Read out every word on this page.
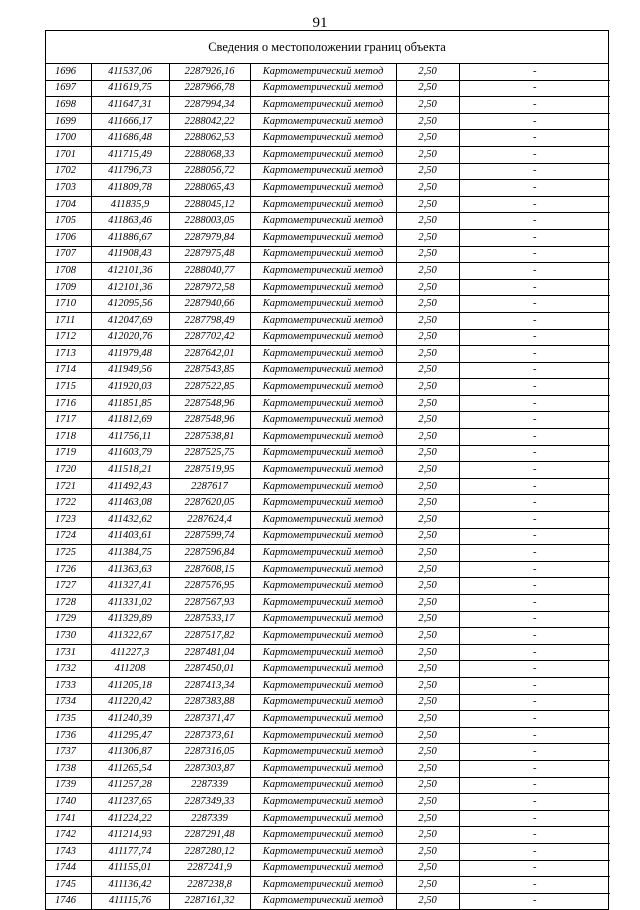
91
Сведения о местоположении границ объекта
1696	411537,06	2287926,16	Картометрический метод	2,50	-
1697	411619,75	2287966,78	Картометрический метод	2,50	-
1698	411647,31	2287994,34	Картометрический метод	2,50	-
1699	411666,17	2288042,22	Картометрический метод	2,50	-
1700	411686,48	2288062,53	Картометрический метод	2,50	-
1701	411715,49	2288068,33	Картометрический метод	2,50	-
1702	411796,73	2288056,72	Картометрический метод	2,50	-
1703	411809,78	2288065,43	Картометрический метод	2,50	-
1704	411835,9	2288045,12	Картометрический метод	2,50	-
1705	411863,46	2288003,05	Картометрический метод	2,50	-
1706	411886,67	2287979,84	Картометрический метод	2,50	-
1707	411908,43	2287975,48	Картометрический метод	2,50	-
1708	412101,36	2288040,77	Картометрический метод	2,50	-
1709	412101,36	2287972,58	Картометрический метод	2,50	-
1710	412095,56	2287940,66	Картометрический метод	2,50	-
1711	412047,69	2287798,49	Картометрический метод	2,50	-
1712	412020,76	2287702,42	Картометрический метод	2,50	-
1713	411979,48	2287642,01	Картометрический метод	2,50	-
1714	411949,56	2287543,85	Картометрический метод	2,50	-
1715	411920,03	2287522,85	Картометрический метод	2,50	-
1716	411851,85	2287548,96	Картометрический метод	2,50	-
1717	411812,69	2287548,96	Картометрический метод	2,50	-
1718	411756,11	2287538,81	Картометрический метод	2,50	-
1719	411603,79	2287525,75	Картометрический метод	2,50	-
1720	411518,21	2287519,95	Картометрический метод	2,50	-
1721	411492,43	2287617	Картометрический метод	2,50	-
1722	411463,08	2287620,05	Картометрический метод	2,50	-
1723	411432,62	2287624,4	Картометрический метод	2,50	-
1724	411403,61	2287599,74	Картометрический метод	2,50	-
1725	411384,75	2287596,84	Картометрический метод	2,50	-
1726	411363,63	2287608,15	Картометрический метод	2,50	-
1727	411327,41	2287576,95	Картометрический метод	2,50	-
1728	411331,02	2287567,93	Картометрический метод	2,50	-
1729	411329,89	2287533,17	Картометрический метод	2,50	-
1730	411322,67	2287517,82	Картометрический метод	2,50	-
1731	411227,3	2287481,04	Картометрический метод	2,50	-
1732	411208	2287450,01	Картометрический метод	2,50	-
1733	411205,18	2287413,34	Картометрический метод	2,50	-
1734	411220,42	2287383,88	Картометрический метод	2,50	-
1735	411240,39	2287371,47	Картометрический метод	2,50	-
1736	411295,47	2287373,61	Картометрический метод	2,50	-
1737	411306,87	2287316,05	Картометрический метод	2,50	-
1738	411265,54	2287303,87	Картометрический метод	2,50	-
1739	411257,28	2287339	Картометрический метод	2,50	-
1740	411237,65	2287349,33	Картометрический метод	2,50	-
1741	411224,22	2287339	Картометрический метод	2,50	-
1742	411214,93	2287291,48	Картометрический метод	2,50	-
1743	411177,74	2287280,12	Картометрический метод	2,50	-
1744	411155,01	2287241,9	Картометрический метод	2,50	-
1745	411136,42	2287238,8	Картометрический метод	2,50	-
1746	411115,76	2287161,32	Картометрический метод	2,50	-
